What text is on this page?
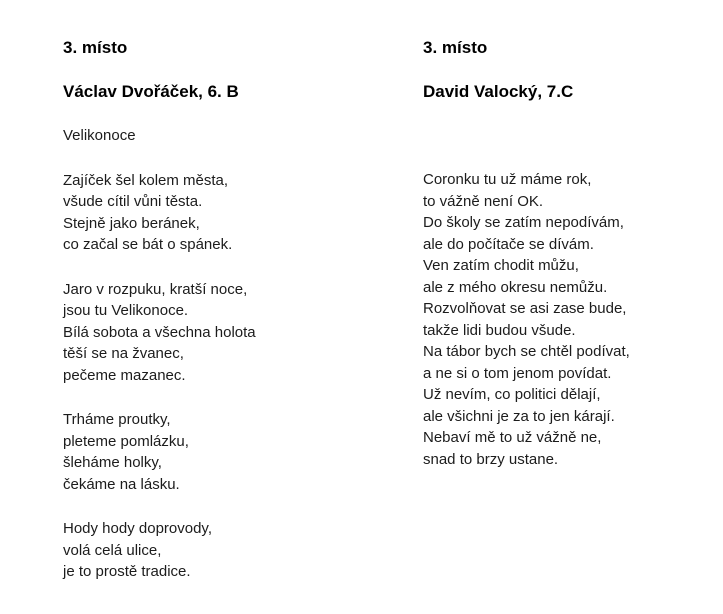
3. místo

Václav Dvořáček, 6. B

Velikonoce

Zajíček šel kolem města,
všude cítil vůni těsta.
Stejně jako beránek,
co začal se bát o spánek.
Jaro v rozpuku, kratší noce,
jsou tu Velikonoce.
Bílá sobota a všechna holota
těší se na žvanec,
pečeme mazanec.
Trháme proutky,
pleteme pomlázku,
šleháme holky,
čekáme na lásku.
Hody hody doprovody,
volá celá ulice,
je to prostě tradice.

3. místo

David Valocký, 7.C

Coronku tu už máme rok,
to vážně není OK.
Do školy se zatím nepodívám,
ale do počítače se dívám.
Ven zatím chodit můžu,
ale z mého okresu nemůžu.
Rozvolňovat se asi zase bude,
takže lidi budou všude.
Na tábor bych se chtěl podívat,
a ne si o tom jenom povídat.
Už nevím, co politici dělají,
ale všichni je za to jen kárají.
Nebaví mě to už vážně ne,
snad to brzy ustane.
